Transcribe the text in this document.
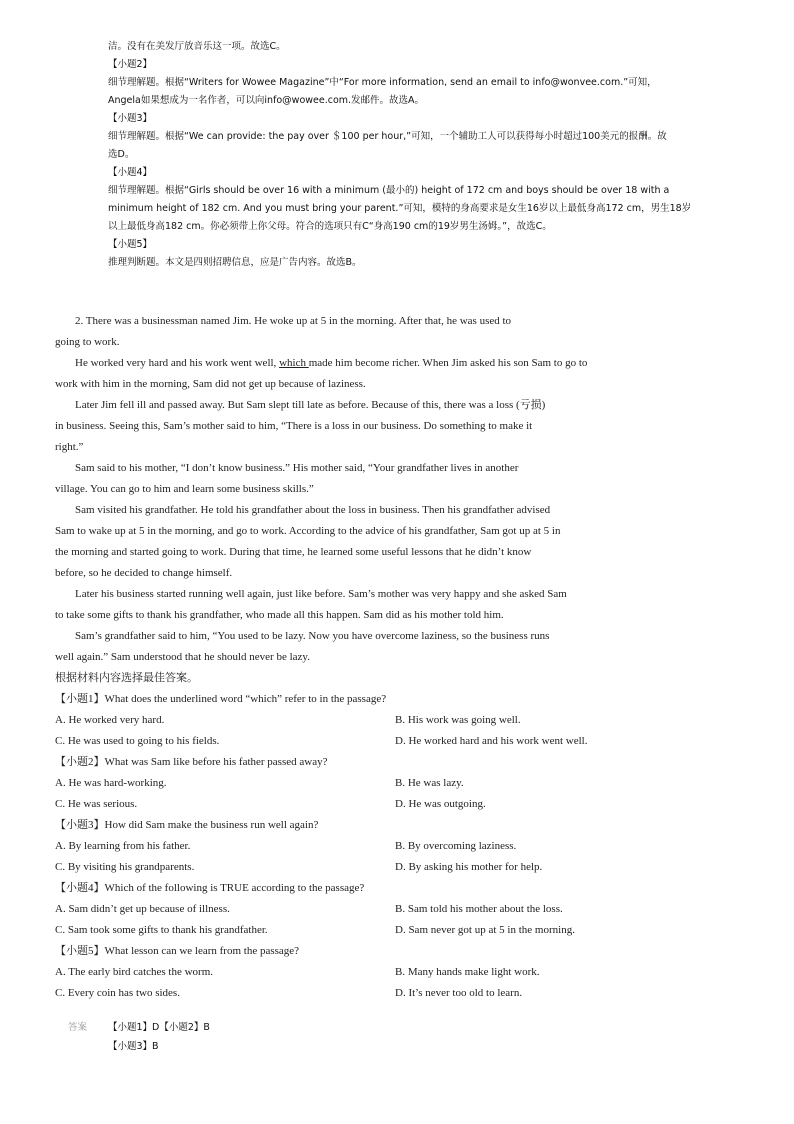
洁。没有在美发厅放音乐这一项。故选C。
【小题2】
细节理解题。根据“Writers for Wowee Magazine”中“For more information, send an email to info@wonvee.com.”可知，
Angela如果想成为一名作者，可以向info@wowee.com.发邮件。故选A。
【小题3】
细节理解题。根据“We can provide: the pay over ＄100 per hour,”可知，一个辅助工人可以获得每小时超过100美元的报酬。故
选D。
【小题4】
细节理解题。根据“Girls should be over 16 with a minimum (最小的) height of 172 cm and boys should be over 18 with a
minimum height of 182 cm. And you must bring your parent.”可知，模特的身高要求是女生16岁以上最低身高172 cm，男生18岁
以上最低身高182 cm。你必须带上你父母。符合的选项只有C“身高190 cm的19岁男生汤姆。”，故选C。
【小题5】
推理判断题。本文是四则招聘信息，应是广告内容。故选B。
2. There was a businessman named Jim. He woke up at 5 in the morning. After that, he was used to
going to work.
He worked very hard and his work went well, which made him become richer. When Jim asked his son Sam to go to
work with him in the morning, Sam did not get up because of laziness.
Later Jim fell ill and passed away. But Sam slept till late as before. Because of this, there was a loss (亏损)
in business. Seeing this, Sam’s mother said to him, “There is a loss in our business. Do something to make it
right.”
Sam said to his mother, “I don’t know business.” His mother said, “Your grandfather lives in another
village. You can go to him and learn some business skills.”
Sam visited his grandfather. He told his grandfather about the loss in business. Then his grandfather advised
Sam to wake up at 5 in the morning, and go to work. According to the advice of his grandfather, Sam got up at 5 in
the morning and started going to work. During that time, he learned some useful lessons that he didn’t know
before, so he decided to change himself.
Later his business started running well again, just like before. Sam’s mother was very happy and she asked Sam
to take some gifts to thank his grandfather, who made all this happen. Sam did as his mother told him.
Sam’s grandfather said to him, “You used to be lazy. Now you have overcome laziness, so the business runs
well again.” Sam understood that he should never be lazy.
根据材料内容选择最佳答案。
【小题1】What does the underlined word “which” refer to in the passage?
A. He worked very hard.	B. His work was going well.
C. He was used to going to his fields.	D. He worked hard and his work went well.
【小题2】What was Sam like before his father passed away?
A. He was hard-working.	B. He was lazy.
C. He was serious.	D. He was outgoing.
【小题3】How did Sam make the business run well again?
A. By learning from his father.	B. By overcoming laziness.
C. By visiting his grandparents.	D. By asking his mother for help.
【小题4】Which of the following is TRUE according to the passage?
A. Sam didn’t get up because of illness.	B. Sam told his mother about the loss.
C. Sam took some gifts to thank his grandfather.	D. Sam never got up at 5 in the morning.
【小题5】What lesson can we learn from the passage?
A. The early bird catches the worm.	B. Many hands make light work.
C. Every coin has two sides.	D. It’s never too old to learn.
答案 【小题1】D【小题2】B
【小题3】B
